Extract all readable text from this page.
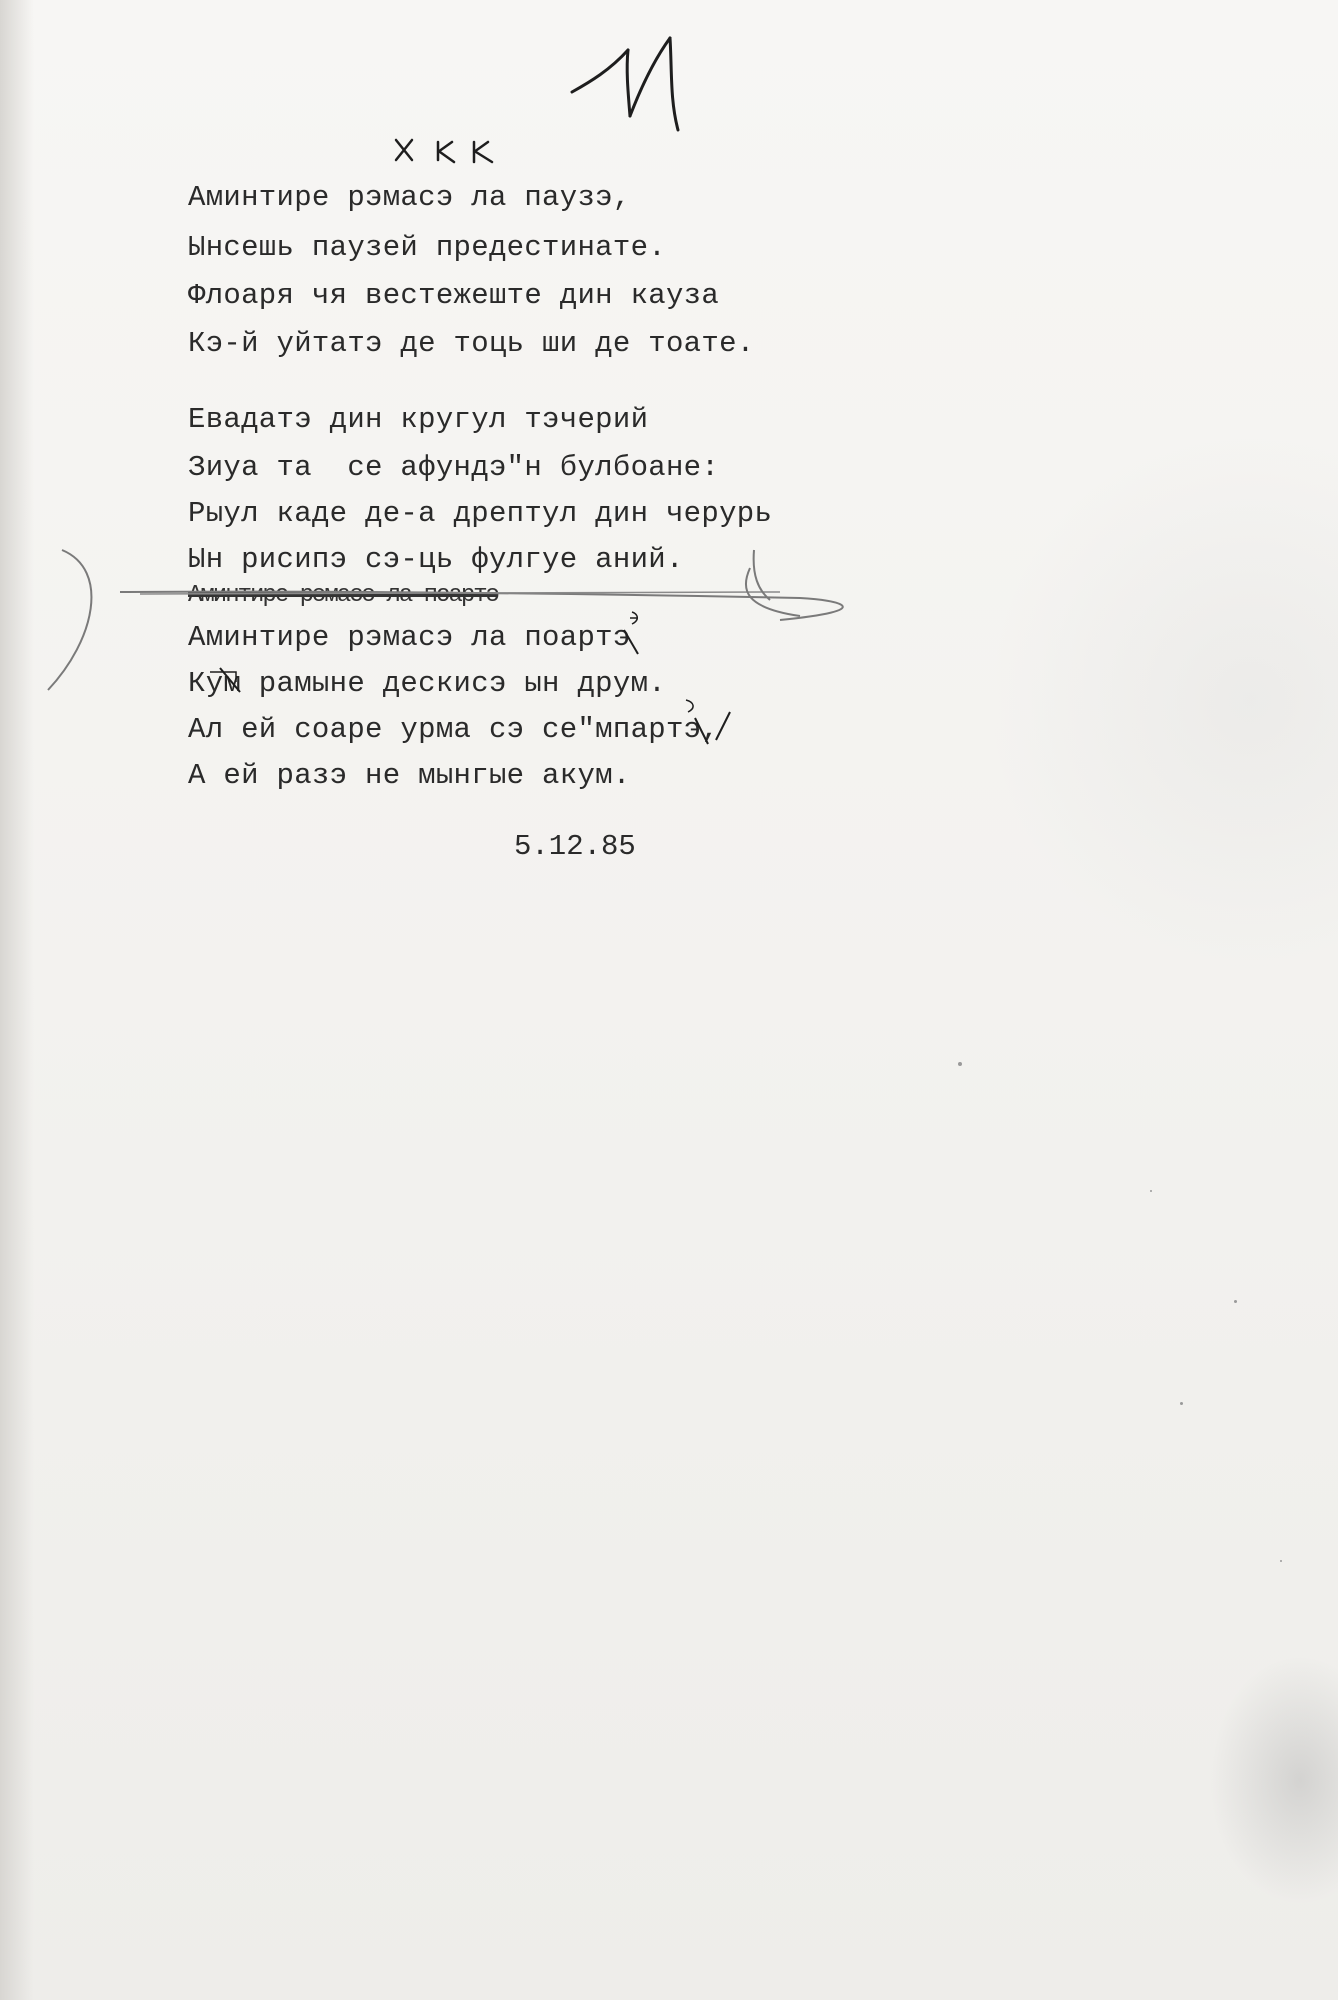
Аминтире рэмасэ ла паузэ,
Ынсешь паузей предестинате.
Флоаря чя вестежеште дин кауза
Кэ-й уйтатэ де тоць ши де тоате.
Евадатэ дин кругул тэчерий
Зиуа та  се афундэ"н булбоане:
Рыул каде де-а дрептул дин черурь
Ын рисипэ сэ-ць фулгуе аний.
Аминтире рэмасэ ла поартэ
Аминтире рэмасэ ла поартэ
Кум рамыне дескисэ ын друм.
Ал ей соаре урма сэ се"мпартэ,
А ей разэ не мынгые акум.
5.12.85
